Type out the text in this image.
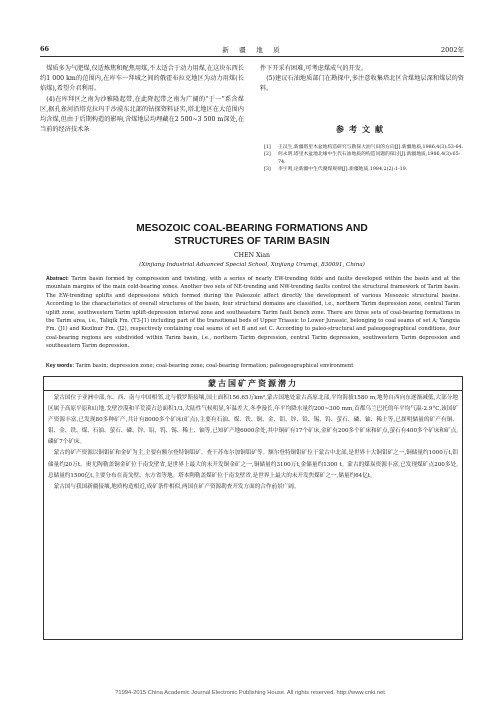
66	新　疆　地　质	2002年

煤质多为气肥煤,仅适炼焦和配焦用煤,不太适合于动力用煤,在这块东西长约1 000 km的范围内,在库车一拜城之间的俄霍布拉克地区为动力用煤(长焰煤),希望介君利用。

(4)在库拜区之南为沙雅隆起带,在此降起带之南为广阔的“于一”系含煤区,据孔雀河沿塔克拉玛干沙漠东北部的钻探资料证实,塔北地区在大范围内均含煤,但由于后期构造的影响,含煤地层均埋藏在2 500~3 500 m深处,在当前的经济技术条

件下开采有困难,可考虑煤成气的开发。

(5)建议石油地质部门在勘探中,多注意收集塔北区含煤地层深和煤层的资料。

参考文献
[1]	王汉生,新疆塔里木盆地构造研究与勘探大油气田的方向[J].新疆地质,1986,4(3):53-64.
[2]	何永明,塔里木盆地北缘中生代石油地质的构造问题的探讨[J].新疆地质,1986,4(3):65-74.
[3]	李宇鸣,论新疆中生代聚煤规律[J].新疆地质,1984,2(2):1-19.
MESOZOIC COAL-BEARING FORMATIONS AND
STRUCTURES OF TARIM BASIN
CHEN Xian
(Xinjiang Industrial Advanced Special School, Xinjiang Urumqi, 830091, China)
Abstract: Tarim basin formed by compression and twisting, with a series of nearly EW-trending folds and faults developed within the basin and at the mountain margins of the main cold-bearing zones. Another two sets of NE-trending and NW-trending faults control the structural framework of Tarim basin. The EW-trending uplifts and depressions which formed during the Paleozoic affect directly the development of various Mesozoic structural basins. According to the characteristics of overall structures of the basin, four structural domains are classified, i.e., northern Tarim depression zone, central Tarim uplift zone, southwestern Tarim uplift-depression interval zone and southeastern Tarim fault bench zone. There are three sets of coal-bearing formations in the Tarim area, i.e., Taliqik Fm. (T3-J1) including part of the transitional beds of Upper Triassic to Lower Jurassic, belonging to coal seams of set A; Yangxia Fm. (J1) and Kezilnur Fm. (J2), respectively containing coal seams of set B and set C. According to paleo-structural and paleogeographical conditions, four coal-bearing regions are subdivided within Tarim basin, i.e., northern Tarim depression, central Tarim depression, southwestern Tarim depression and southeastern Tarim depression.
Key words: Tarim basin; depression zone; coal-bearing zone; coal-bearing formation; paleogeographical environment
蒙古国矿产资源潜力

蒙古国位于亚洲中部,东、西、南与中国相邻,北与俄罗斯接壤,国土面积156.65万km²,蒙古国地处蒙古高原北部,平均海拔1580 m,地势自西向东逐渐减低,大部分地区属于高原平原和山地,戈壁沙漠和半荒漠占总面积1/3,大陆性气候明显,年温差大,冬季漫长,年平均降水量约200~300 mm,首都乌兰巴托的年平均气温-2.9°C,该国矿产资源丰富,已发现80多种矿产,共计有8000多个矿床(矿点),主要有石油、煤、铁、铜、金、钼、锌、铅、锡、钨、萤石、磷、铀、稀土等,已探明储量的矿产有铜、钼、金、铁、煤、石油、萤石、磷、锌、铅、钨、锡、稀土、铀等,已知矿产地6000余处,其中铜矿有17个矿床,金矿有200多个矿床和矿点,萤石有400多个矿床和矿点,磷矿7个矿床。

蒙古的矿产资源以铜钼矿和金矿为主,主要有额尔登特铜钼矿、查干苏布尔加铜钼矿等。额尔登特铜钼矿位于蒙古中北部,是世界十大铜钼矿之一,铜储量约1000万t,钼储量约20万t。奥尤陶勒盖铜金矿位于南戈壁省,是世界上最大的未开发铜金矿之一,铜储量约3100万t,金储量约1300 t。蒙古的煤炭资源丰富,已发现煤矿点200多处,总储量约1500亿t,主要分布在南戈壁、东方省等地。塔本陶勒盖煤矿位于南戈壁省,是世界上最大的未开发焦煤矿之一,储量约64亿t。

蒙古国与我国新疆接壤,地质构造相近,成矿条件相似,两国在矿产资源勘查开发方面的合作前景广阔。

?1994-2015 China Academic Journal Electronic Publishing House. All rights reserved. http://www.cnki.net
